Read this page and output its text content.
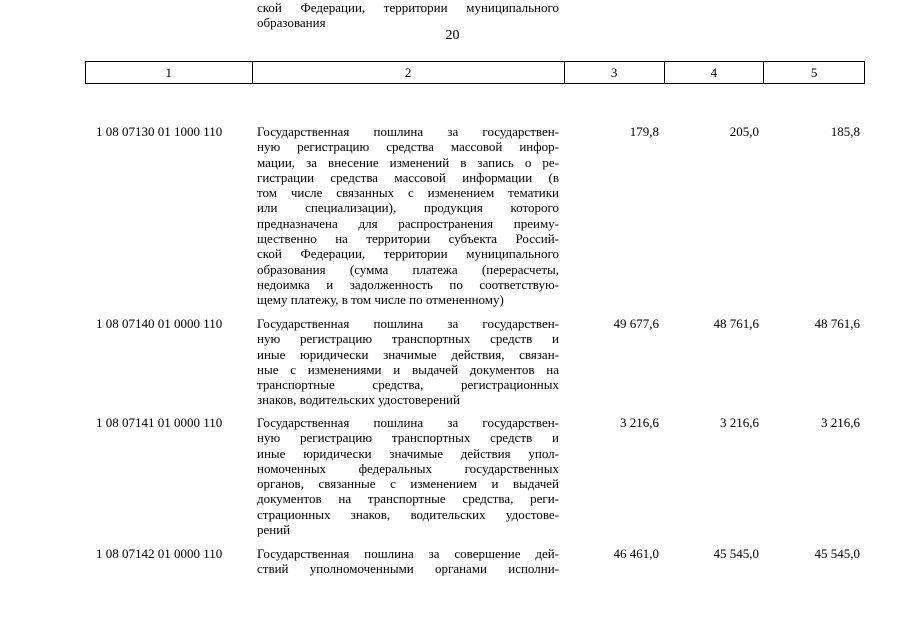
20
1	2	3	4	5
ской Федерации, территории муниципального
образования
1 08 07130 01 1000 110	Государственная пошлина за государствен-
ную регистрацию средства массовой инфор-
мации, за внесение изменений в запись о ре-
гистрации средства массовой информации (в
том числе связанных с изменением тематики
или специализации), продукция которого
предназначена для распространения преиму-
щественно на территории субъекта Россий-
ской Федерации, территории муниципального
образования (сумма платежа (перерасчеты,
недоимка и задолженность по соответствую-
щему платежу, в том числе по отмененному)
179,8	205,0	185,8
1 08 07140 01 0000 110	Государственная пошлина за государствен-
ную регистрацию транспортных средств и
иные юридически значимые действия, связан-
ные с изменениями и выдачей документов на
транспортные средства, регистрационных
знаков, водительских удостоверений
49 677,6	48 761,6	48 761,6
1 08 07141 01 0000 110	Государственная пошлина за государствен-
ную регистрацию транспортных средств и
иные юридически значимые действия упол-
номоченных федеральных государственных
органов, связанные с изменением и выдачей
документов на транспортные средства, реги-
страционных знаков, водительских удостове-
рений
3 216,6	3 216,6	3 216,6
1 08 07142 01 0000 110	Государственная пошлина за совершение дей-
ствий уполномоченными органами исполни-
46 461,0	45 545,0	45 545,0
